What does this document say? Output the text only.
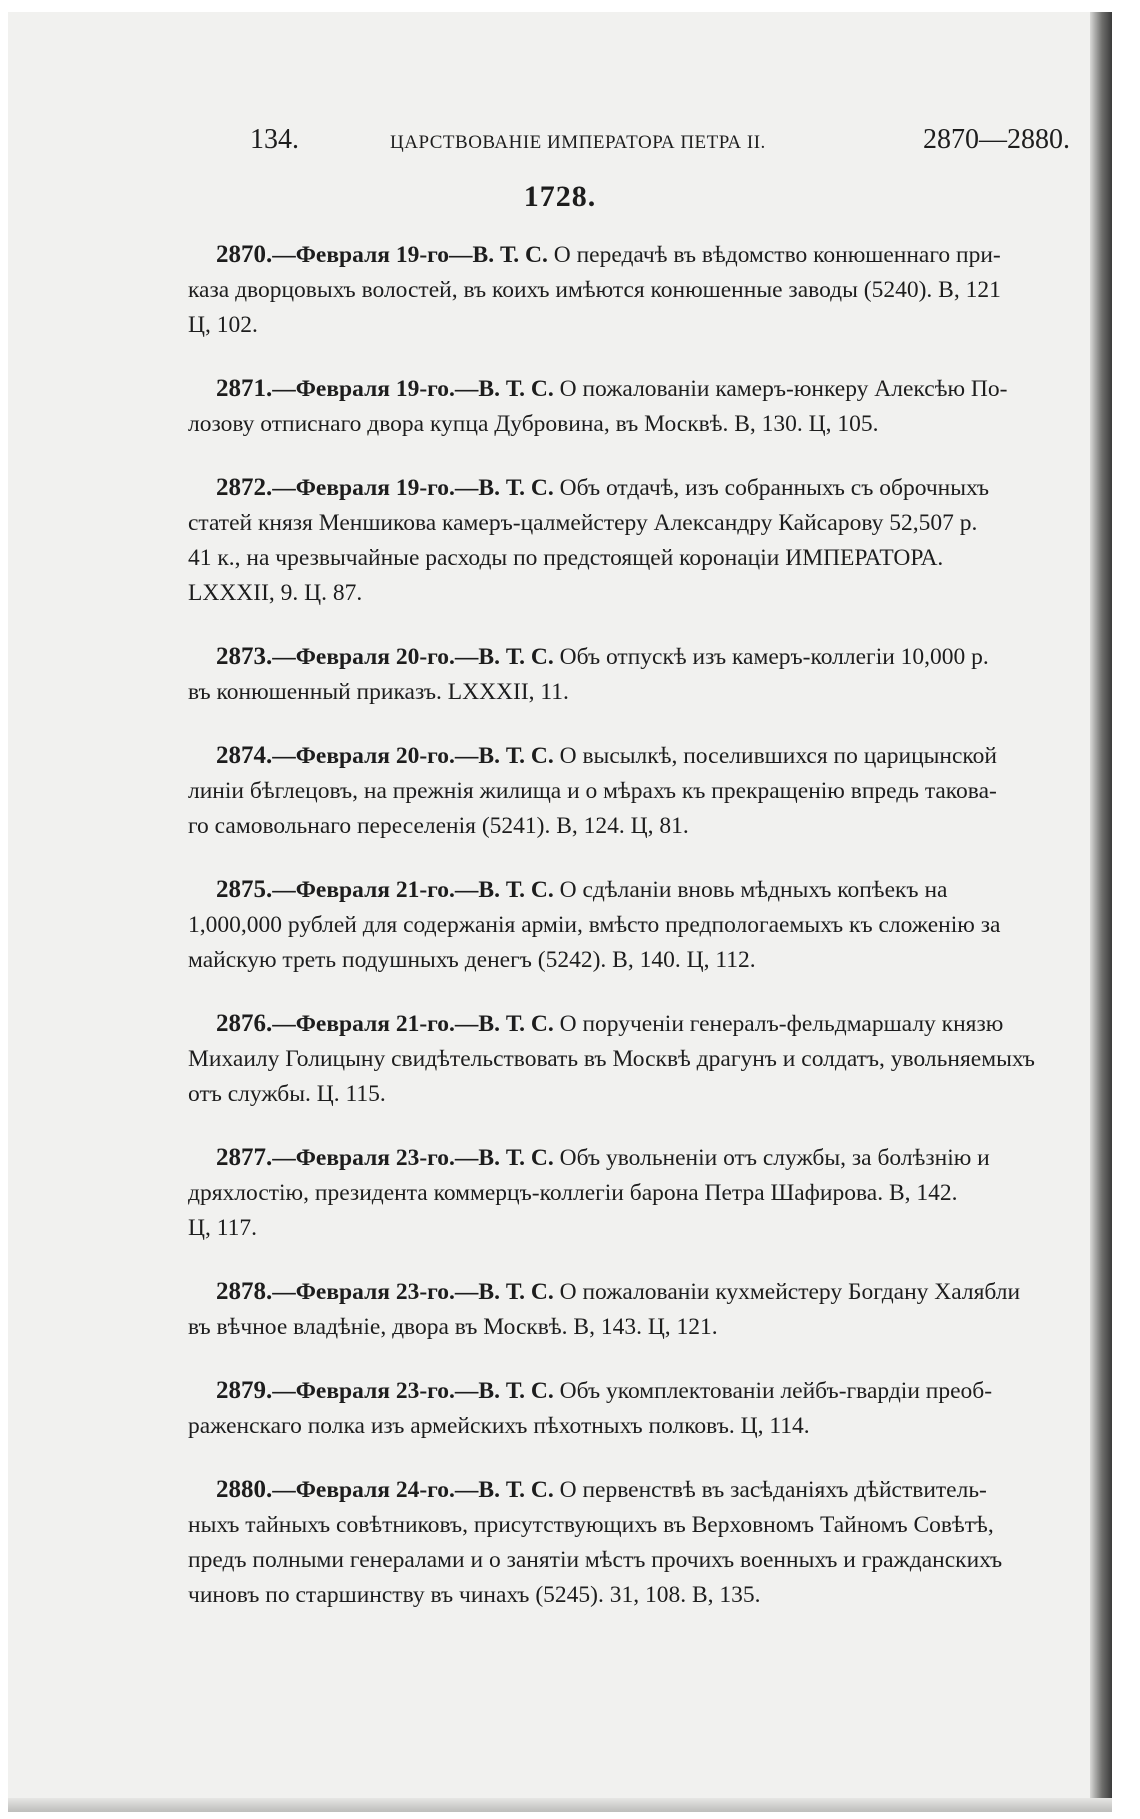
134.	ЦАРСТВОВАНІЕ ИМПЕРАТОРА ПЕТРА II.	2870—2880.
1728.
2870.—Февраля 19-го—В. Т. С. О передачѣ въ вѣдомство конюшеннаго при-
каза дворцовыхъ волостей, въ коихъ имѣются конюшенные заводы (5240). В, 121
Ц, 102.
2871.—Февраля 19-го.—В. Т. С. О пожалованіи камеръ-юнкеру Алексѣю По-
лозову отписнаго двора купца Дубровина, въ Москвѣ. В, 130. Ц, 105.
2872.—Февраля 19-го.—В. Т. С. Объ отдачѣ, изъ собранныхъ съ оброчныхъ
статей князя Меншикова камеръ-цалмейстеру Александру Кайсарову 52,507 р.
41 к., на чрезвычайные расходы по предстоящей коронаціи ИМПЕРАТОРА.
LXXXII, 9. Ц. 87.
2873.—Февраля 20-го.—В. Т. С. Объ отпускѣ изъ камеръ-коллегіи 10,000 р.
въ конюшенный приказъ. LXXXII, 11.
2874.—Февраля 20-го.—В. Т. С. О высылкѣ, поселившихся по царицынской
линіи бѣглецовъ, на прежнія жилища и о мѣрахъ къ прекращенію впредь такова-
го самовольнаго переселенія (5241). В, 124. Ц, 81.
2875.—Февраля 21-го.—В. Т. С. О сдѣланіи вновь мѣдныхъ копѣекъ на
1,000,000 рублей для содержанія арміи, вмѣсто предпологаемыхъ къ сложенію за
майскую треть подушныхъ денегъ (5242). В, 140. Ц, 112.
2876.—Февраля 21-го.—В. Т. С. О порученіи генералъ-фельдмаршалу князю
Михаилу Голицыну свидѣтельствовать въ Москвѣ драгунъ и солдатъ, увольняемыхъ
отъ службы. Ц. 115.
2877.—Февраля 23-го.—В. Т. С. Объ увольненіи отъ службы, за болѣзнію и
дряхлостію, президента коммерцъ-коллегіи барона Петра Шафирова. В, 142.
Ц, 117.
2878.—Февраля 23-го.—В. Т. С. О пожалованіи кухмейстеру Богдану Халябли
въ вѣчное владѣніе, двора въ Москвѣ. В, 143. Ц, 121.
2879.—Февраля 23-го.—В. Т. С. Объ укомплектованіи лейбъ-гвардіи преоб-
раженскаго полка изъ армейскихъ пѣхотныхъ полковъ. Ц, 114.
2880.—Февраля 24-го.—В. Т. С. О первенствѣ въ засѣданіяхъ дѣйствитель-
ныхъ тайныхъ совѣтниковъ, присутствующихъ въ Верховномъ Тайномъ Совѣтѣ,
предъ полными генералами и о занятіи мѣстъ прочихъ военныхъ и гражданскихъ
чиновъ по старшинству въ чинахъ (5245). 31, 108. В, 135.
